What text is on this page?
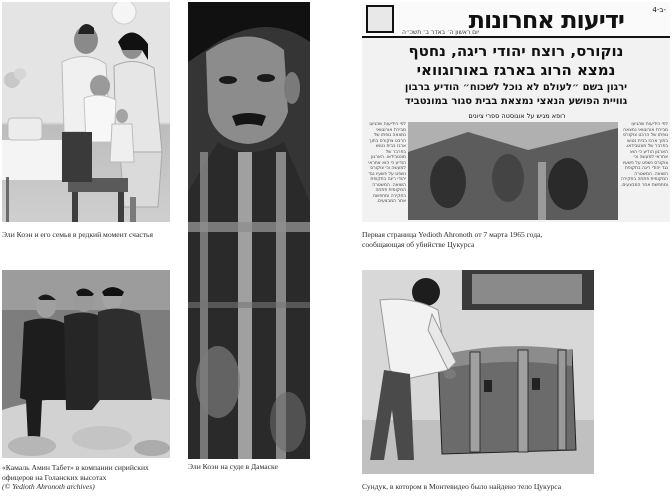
Эли Коэн и его семья в редкий момент счастья
Эли Коэн на суде в Дамаске
ידיעות אחרונות	ב-4-
יום ראשון ה׳ באדר ב׳ תשכ״ה
נוקורס, רוצח יהודי ריגה, נחטף
נמצא הרוג בארגז באורוגוואי
ירגון בשם ״לעולם לא נוכל לשכוח״ הודיע ברבון
גוויית הפושע הנאצי נמצאת בבית סגור במונטביד
רופא מגיש על אוגוסטה ספרי ציונים
לפי הידיעות שהגיעו מבירת אורוגוואי נמצאה גופתו של הרבט צוקורס בתוך ארגז בבית נטוש בפרבר של מונטבידאו. הארגון הודיע כי הוא אחראי למעשה וכי צוקורס נשפט על פשעיו נגד יהודי ריגה בתקופת השואה. המשטרה המקומית פתחה בחקירה ומחפשת אחר המבצעים.
לפי הידיעות שהגיעו מבירת אורוגוואי נמצאה גופתו של הרבט צוקורס בתוך ארגז בבית נטוש בפרבר של מונטבידאו. הארגון הודיע כי הוא אחראי למעשה וכי צוקורס נשפט על פשעיו נגד יהודי ריגה בתקופת השואה. המשטרה המקומית פתחה בחקירה ומחפשת אחר המבצעים.
Первая страница Yedioth Ahronoth от 7 марта 1965 года,
сообщающая об убийстве Цукурса
«Камаль Амин Табет» в компании сирийских
офицеров на Голанских высотах
(© Yedioth Ahronoth archives)	Сундук, в котором в Монтевидео было найдено тело Цукурса
